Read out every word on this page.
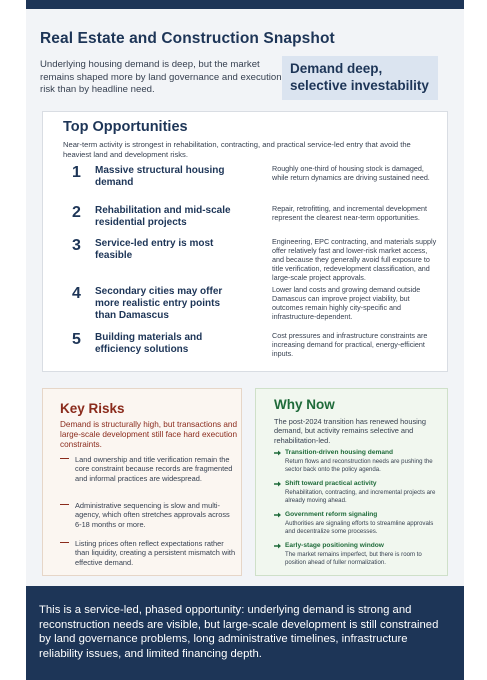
Real Estate and Construction Snapshot

Underlying housing demand is deep, but the market remains shaped more by land governance and execution risk than by headline need.

Demand deep, selective investability
Top Opportunities

Near-term activity is strongest in rehabilitation, contracting, and practical service-led entry that avoid the heaviest land and development risks.

1 Massive structural housing demand
Roughly one-third of housing stock is damaged, while return dynamics are driving sustained need.
2 Rehabilitation and mid-scale residential projects
Repair, retrofitting, and incremental development represent the clearest near-term opportunities.
3 Service-led entry is most feasible
Engineering, EPC contracting, and materials supply offer relatively fast and lower-risk market access, and because they generally avoid full exposure to title verification, redevelopment classification, and large-scale project approvals.
4 Secondary cities may offer more realistic entry points than Damascus
Lower land costs and growing demand outside Damascus can improve project viability, but outcomes remain highly city-specific and infrastructure-dependent.
5 Building materials and efficiency solutions
Cost pressures and infrastructure constraints are increasing demand for practical, energy-efficient inputs.
Key Risks

Demand is structurally high, but transactions and large-scale development still face hard execution constraints.

Land ownership and title verification remain the core constraint because records are fragmented and informal practices are widespread.
Administrative sequencing is slow and multi-agency, which often stretches approvals across 6-18 months or more.
Listing prices often reflect expectations rather than liquidity, creating a persistent mismatch with effective demand.
Why Now

The post-2024 transition has renewed housing demand, but activity remains selective and rehabilitation-led.

Transition-driven housing demand
Return flows and reconstruction needs are pushing the sector back onto the policy agenda.
Shift toward practical activity
Rehabilitation, contracting, and incremental projects are already moving ahead.
Government reform signaling
Authorities are signaling efforts to streamline approvals and decentralize some processes.
Early-stage positioning window
The market remains imperfect, but there is room to position ahead of fuller normalization.
This is a service-led, phased opportunity: underlying demand is strong and reconstruction needs are visible, but large-scale development is still constrained by land governance problems, long administrative timelines, infrastructure reliability issues, and limited financing depth.
